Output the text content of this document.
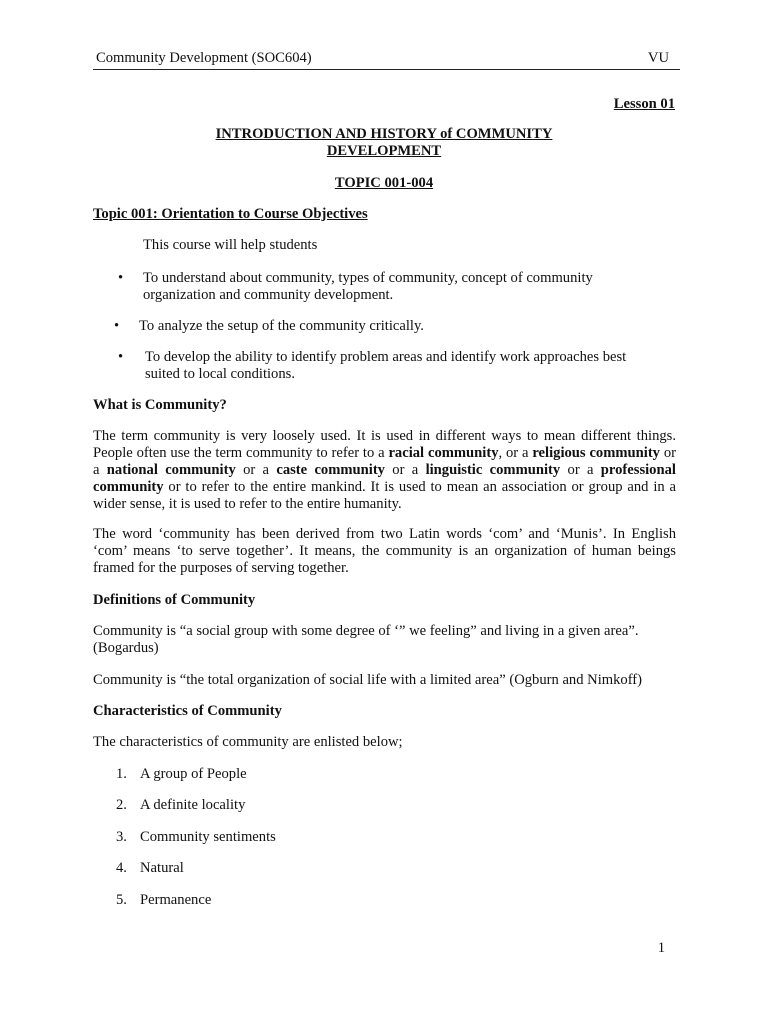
Community Development (SOC604)	VU
Lesson 01
INTRODUCTION AND HISTORY of COMMUNITY
DEVELOPMENT
TOPIC 001-004
Topic 001: Orientation to Course Objectives
This course will help students
• To understand about community, types of community, concept of community
organization and community development.
• To analyze the setup of the community critically.
• To develop the ability to identify problem areas and identify work approaches best
suited to local conditions.
What is Community?
The term community is very loosely used. It is used in different ways to mean different things. People often use the term community to refer to a racial community, or a religious community or a national community or a caste community or a linguistic community or a professional community or to refer to the entire mankind. It is used to mean an association or group and in a wider sense, it is used to refer to the entire humanity.
The word ‘community has been derived from two Latin words ‘com’ and ‘Munis’. In English ‘com’ means ‘to serve together’. It means, the community is an organization of human beings framed for the purposes of serving together.
Definitions of Community
Community is “a social group with some degree of ‘” we feeling” and living in a given area”.
(Bogardus)
Community is “the total organization of social life with a limited area” (Ogburn and Nimkoff)
Characteristics of Community
The characteristics of community are enlisted below;
1. A group of People
2. A definite locality
3. Community sentiments
4. Natural
5. Permanence
1
